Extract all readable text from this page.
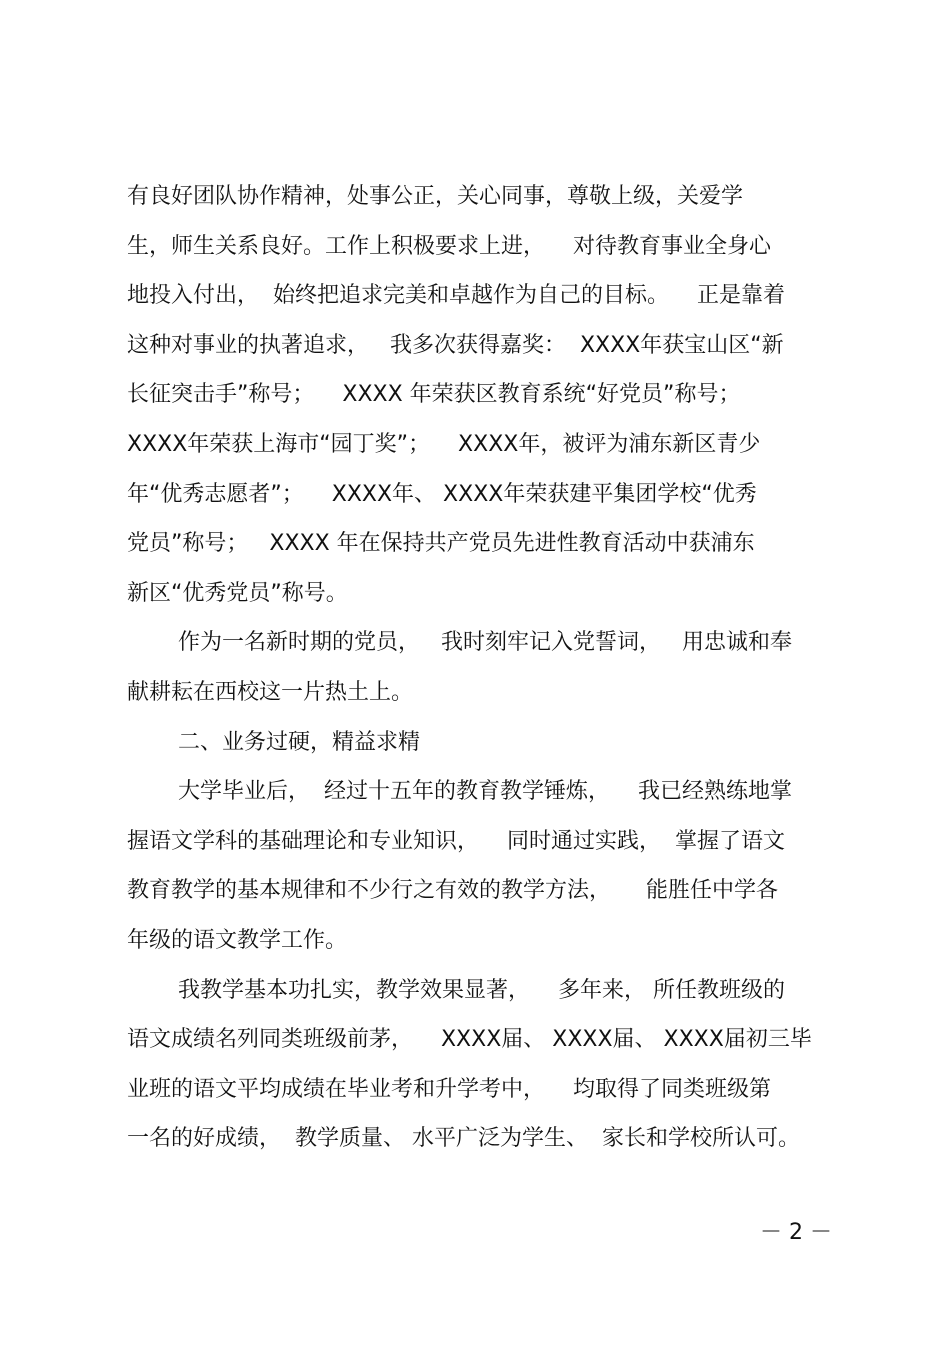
有良好团队协作精神，处事公正，关心同事，尊敬上级，关爱学
生，师生关系良好。工作上积极要求上进，    对待教育事业全身心
地投入付出，  始终把追求完美和卓越作为自己的目标。    正是靠着
这种对事业的执著追求，   我多次获得嘉奖：  XXXX年获宝山区“新
长征突击手”称号；    XXXX 年荣获区教育系统“好党员”称号；
XXXX年荣获上海市“园丁奖”；    XXXX年，被评为浦东新区青少
年“优秀志愿者”；    XXXX年、 XXXX年荣获建平集团学校“优秀
党员”称号；   XXXX 年在保持共产党员先进性教育活动中获浦东
新区“优秀党员”称号。
作为一名新时期的党员，   我时刻牢记入党誓词，   用忠诚和奉
献耕耘在西校这一片热土上。
二、业务过硬，精益求精
大学毕业后，  经过十五年的教育教学锤炼，    我已经熟练地掌
握语文学科的基础理论和专业知识，    同时通过实践，  掌握了语文
教育教学的基本规律和不少行之有效的教学方法，     能胜任中学各
年级的语文教学工作。
我教学基本功扎实，教学效果显著，    多年来， 所任教班级的
语文成绩名列同类班级前茅，    XXXX届、 XXXX届、 XXXX届初三毕
业班的语文平均成绩在毕业考和升学考中，    均取得了同类班级第
一名的好成绩，  教学质量、 水平广泛为学生、  家长和学校所认可。
－ 2 －
